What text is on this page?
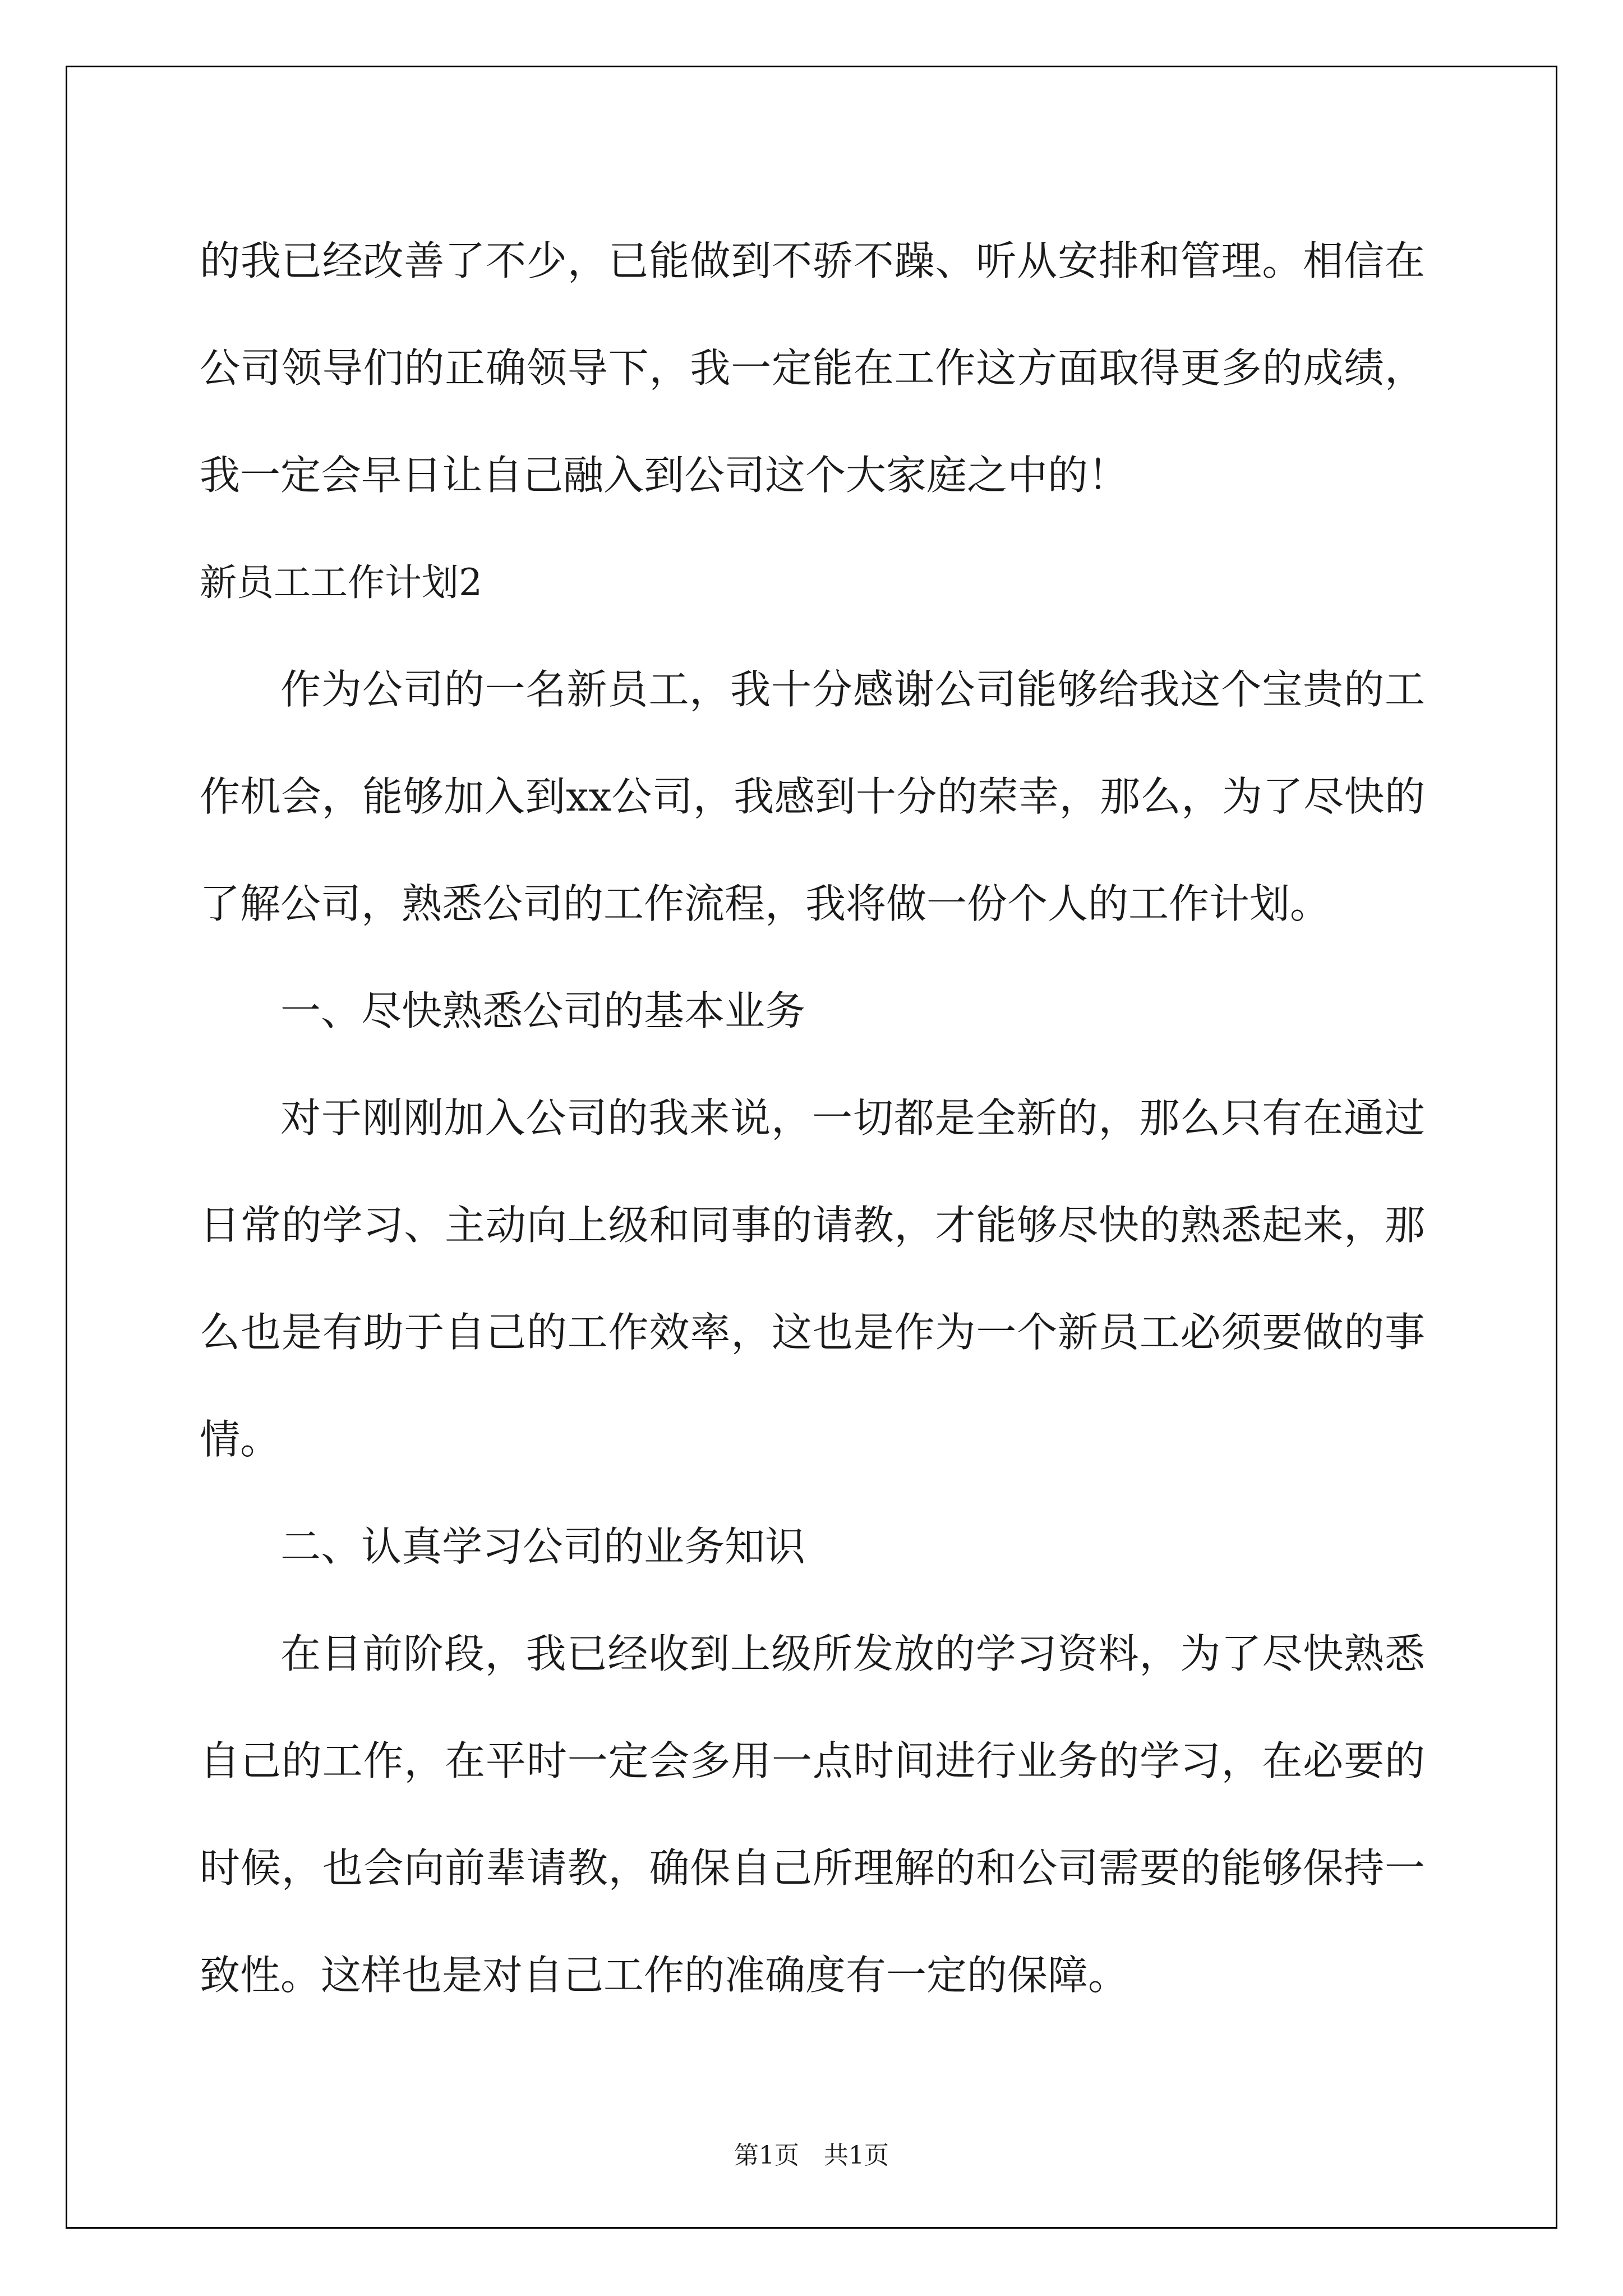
的我已经改善了不少，已能做到不骄不躁、听从安排和管理。相信在
公司领导们的正确领导下，我一定能在工作这方面取得更多的成绩，
我一定会早日让自己融入到公司这个大家庭之中的！
新员工工作计划2
作为公司的一名新员工，我十分感谢公司能够给我这个宝贵的工
作机会，能够加入到xx公司，我感到十分的荣幸，那么，为了尽快的
了解公司，熟悉公司的工作流程，我将做一份个人的工作计划。
一、尽快熟悉公司的基本业务
对于刚刚加入公司的我来说，一切都是全新的，那么只有在通过
日常的学习、主动向上级和同事的请教，才能够尽快的熟悉起来，那
么也是有助于自己的工作效率，这也是作为一个新员工必须要做的事
情。
二、认真学习公司的业务知识
在目前阶段，我已经收到上级所发放的学习资料，为了尽快熟悉
自己的工作，在平时一定会多用一点时间进行业务的学习，在必要的
时候，也会向前辈请教，确保自己所理解的和公司需要的能够保持一
致性。这样也是对自己工作的准确度有一定的保障。
第1页　共1页
